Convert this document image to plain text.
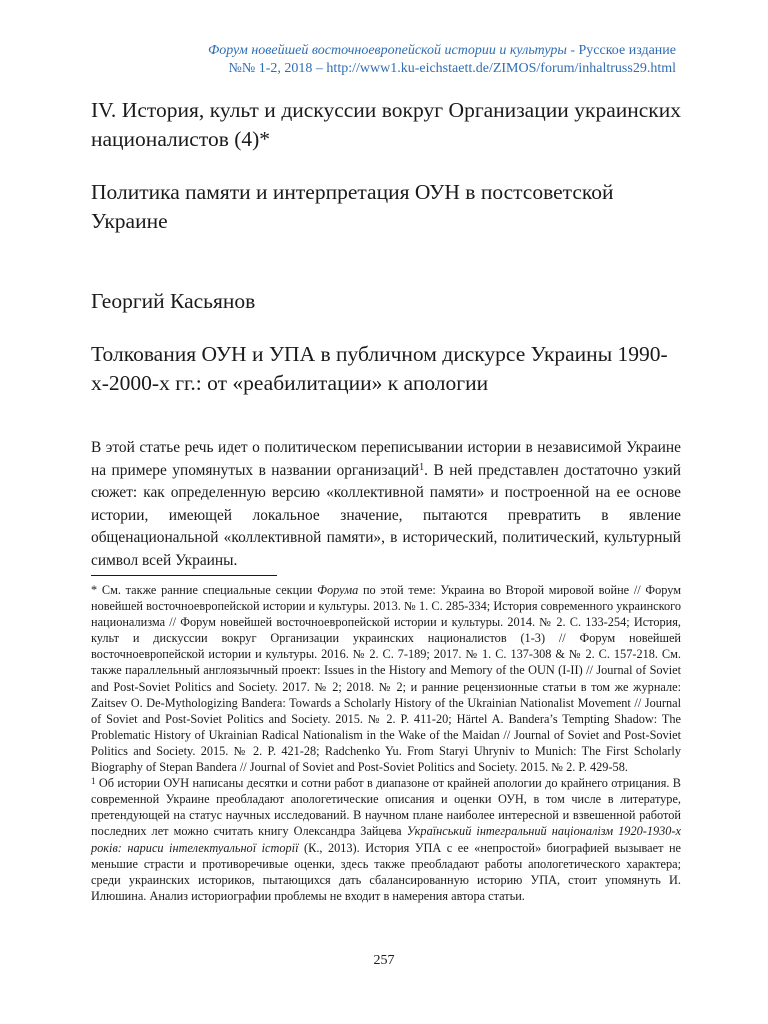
Форум новейшей восточноевропейской истории и культуры - Русское издание
№№ 1-2, 2018 – http://www1.ku-eichstaett.de/ZIMOS/forum/inhaltruss29.html
IV. История, культ и дискуссии вокруг Организации украинских националистов (4)*
Политика памяти и интерпретация ОУН в постсоветской Украине
Георгий Касьянов
Толкования ОУН и УПА в публичном дискурсе Украины 1990-х-2000-х гг.: от «реабилитации» к апологии

В этой статье речь идет о политическом переписывании истории в независимой Украине на примере упомянутых в названии организаций$^1$. В ней представлен достаточно узкий сюжет: как определенную версию «коллективной памяти» и построенной на ее основе истории, имеющей локальное значение, пытаются превратить в явление общенациональной «коллективной памяти», в исторический, политический, культурный символ всей Украины.

* См. также ранние специальные секции Форума по этой теме: Украина во Второй мировой войне // Форум новейшей восточноевропейской истории и культуры. 2013. № 1. С. 285-334; История современного украинского национализма // Форум новейшей восточноевропейской истории и культуры. 2014. № 2. С. 133-254; История, культ и дискуссии вокруг Организации украинских националистов (1-3) // Форум новейшей восточноевропейской истории и культуры. 2016. № 2. С. 7-189; 2017. № 1. С. 137-308 & № 2. С. 157-218. См. также параллельный англоязычный проект: Issues in the History and Memory of the OUN (I-II) // Journal of Soviet and Post-Soviet Politics and Society. 2017. № 2; 2018. № 2; и ранние рецензионные статьи в том же журнале: Zaitsev O. De-Mythologizing Bandera: Towards a Scholarly History of the Ukrainian Nationalist Movement // Journal of Soviet and Post-Soviet Politics and Society. 2015. № 2. P. 411-20; Härtel A. Bandera’s Tempting Shadow: The Problematic History of Ukrainian Radical Nationalism in the Wake of the Maidan // Journal of Soviet and Post-Soviet Politics and Society. 2015. № 2. P. 421-28; Radchenko Yu. From Staryi Uhryniv to Munich: The First Scholarly Biography of Stepan Bandera // Journal of Soviet and Post-Soviet Politics and Society. 2015. № 2. P. 429-58.

$^1$ Об истории ОУН написаны десятки и сотни работ в диапазоне от крайней апологии до крайнего отрицания. В современной Украине преобладают апологетические описания и оценки ОУН, в том числе в литературе, претендующей на статус научных исследований. В научном плане наиболее интересной и взвешенной работой последних лет можно считать книгу Олександра Зайцева Український інтегральний націоналізм 1920-1930-х років: нариси інтелектуальної історії (К., 2013). История УПА с ее «непростой» биографией вызывает не меньшие страсти и противоречивые оценки, здесь также преобладают работы апологетического характера; среди украинских историков, пытающихся дать сбалансированную историю УПА, стоит упомянуть И. Илюшина. Анализ историографии проблемы не входит в намерения автора статьи.

257
